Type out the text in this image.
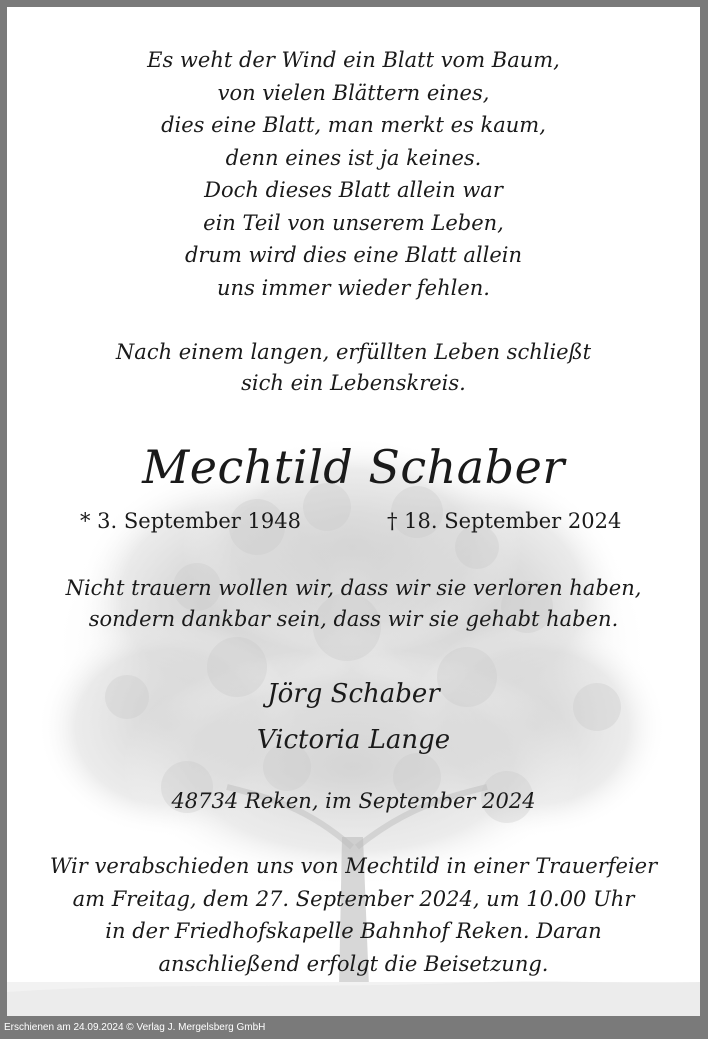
Es weht der Wind ein Blatt vom Baum,
von vielen Blättern eines,
dies eine Blatt, man merkt es kaum,
denn eines ist ja keines.
Doch dieses Blatt allein war
ein Teil von unserem Leben,
drum wird dies eine Blatt allein
uns immer wieder fehlen.
Nach einem langen, erfüllten Leben schließt
sich ein Lebenskreis.
Mechtild Schaber
* 3. September 1948	† 18. September 2024
Nicht trauern wollen wir, dass wir sie verloren haben,
sondern dankbar sein, dass wir sie gehabt haben.
Jörg Schaber
Victoria Lange
48734 Reken, im September 2024
Wir verabschieden uns von Mechtild in einer Trauerfeier
am Freitag, dem 27. September 2024, um 10.00 Uhr
in der Friedhofskapelle Bahnhof Reken. Daran
anschließend erfolgt die Beisetzung.
Erschienen am 24.09.2024 © Verlag J. Mergelsberg GmbH
